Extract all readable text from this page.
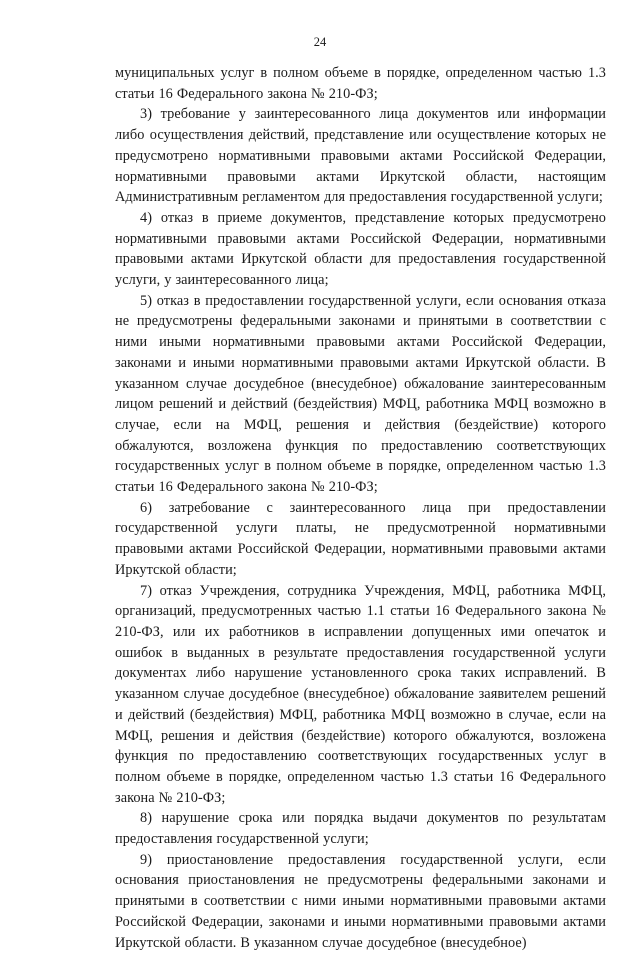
24

муниципальных услуг в полном объеме в порядке, определенном частью 1.3 статьи 16 Федерального закона № 210-ФЗ;

3) требование у заинтересованного лица документов или информации либо осуществления действий, представление или осуществление которых не предусмотрено нормативными правовыми актами Российской Федерации, нормативными правовыми актами Иркутской области, настоящим Административным регламентом для предоставления государственной услуги;

4) отказ в приеме документов, представление которых предусмотрено нормативными правовыми актами Российской Федерации, нормативными правовыми актами Иркутской области для предоставления государственной услуги, у заинтересованного лица;

5) отказ в предоставлении государственной услуги, если основания отказа не предусмотрены федеральными законами и принятыми в соответствии с ними иными нормативными правовыми актами Российской Федерации, законами и иными нормативными правовыми актами Иркутской области. В указанном случае досудебное (внесудебное) обжалование заинтересованным лицом решений и действий (бездействия) МФЦ, работника МФЦ возможно в случае, если на МФЦ, решения и действия (бездействие) которого обжалуются, возложена функция по предоставлению соответствующих государственных услуг в полном объеме в порядке, определенном частью 1.3 статьи 16 Федерального закона № 210-ФЗ;

6) затребование с заинтересованного лица при предоставлении государственной услуги платы, не предусмотренной нормативными правовыми актами Российской Федерации, нормативными правовыми актами Иркутской области;

7) отказ Учреждения, сотрудника Учреждения, МФЦ, работника МФЦ, организаций, предусмотренных частью 1.1 статьи 16 Федерального закона № 210-ФЗ, или их работников в исправлении допущенных ими опечаток и ошибок в выданных в результате предоставления государственной услуги документах либо нарушение установленного срока таких исправлений. В указанном случае досудебное (внесудебное) обжалование заявителем решений и действий (бездействия) МФЦ, работника МФЦ возможно в случае, если на МФЦ, решения и действия (бездействие) которого обжалуются, возложена функция по предоставлению соответствующих государственных услуг в полном объеме в порядке, определенном частью 1.3 статьи 16 Федерального закона № 210-ФЗ;

8) нарушение срока или порядка выдачи документов по результатам предоставления государственной услуги;

9) приостановление предоставления государственной услуги, если основания приостановления не предусмотрены федеральными законами и принятыми в соответствии с ними иными нормативными правовыми актами Российской Федерации, законами и иными нормативными правовыми актами Иркутской области. В указанном случае досудебное (внесудебное)
